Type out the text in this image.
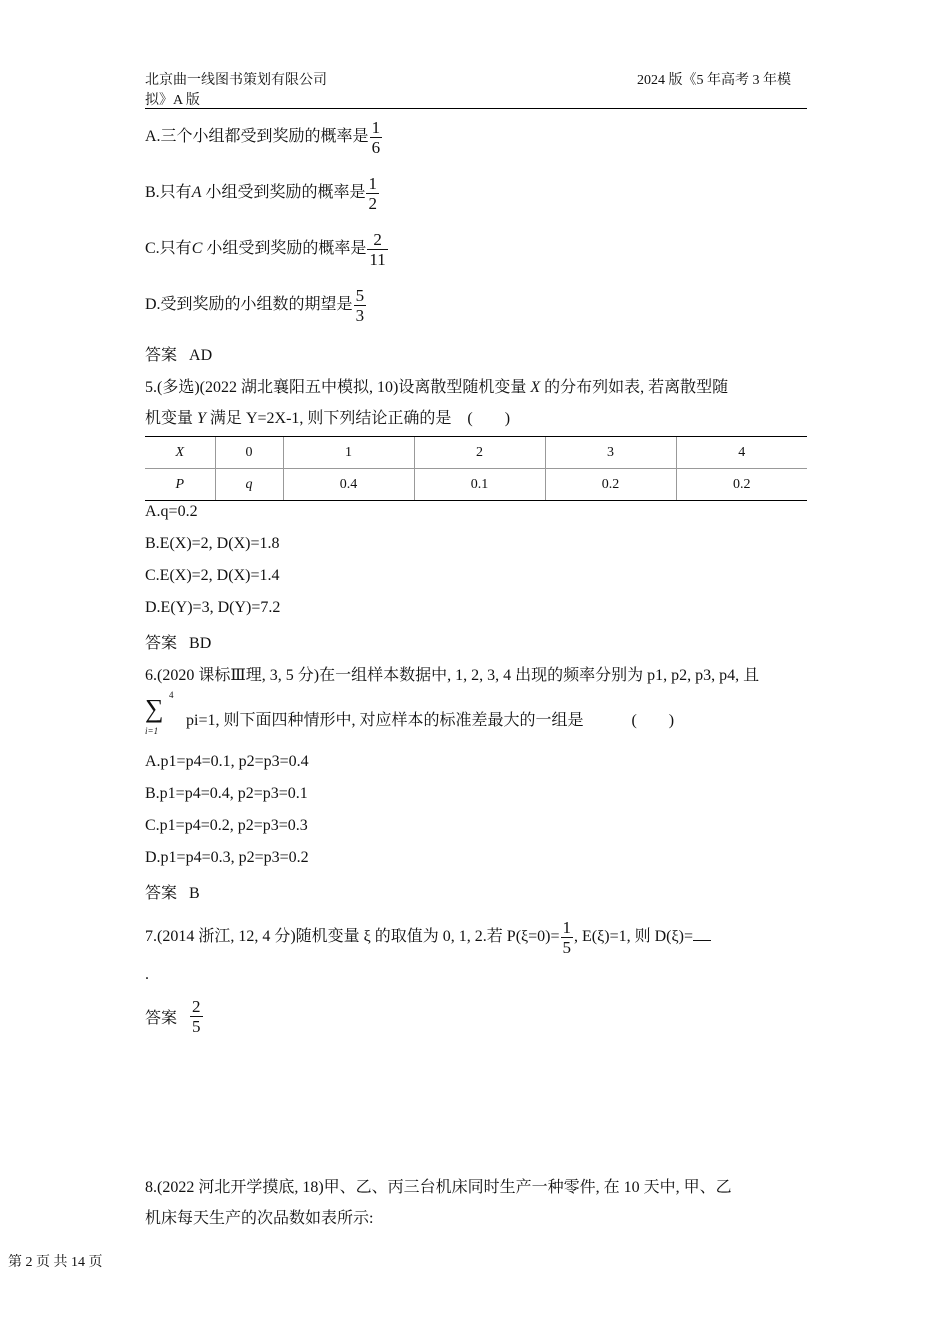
北京曲一线图书策划有限公司	2024 版《5 年高考 3 年模
拟》A 版
A.三个小组都受到奖励的概率是 $\frac{1}{6}$
B.只有A 小组受到奖励的概率是 $\frac{1}{2}$
C.只有C 小组受到奖励的概率是 $\frac{2}{11}$
D.受到奖励的小组数的期望是 $\frac{5}{3}$
答案 AD
5.(多选)(2022 湖北襄阳五中模拟, 10)设离散型随机变量 X 的分布列如表, 若离散型随
机变量 Y 满足 Y=2X-1, 则下列结论正确的是　(　　)
X	0	1	2	3	4
P	q	0.4	0.1	0.2	0.2
A.q=0.2
B.E(X)=2, D(X)=1.8
C.E(X)=2, D(X)=1.4
D.E(Y)=3, D(Y)=7.2
答案 BD
6.(2020 课标Ⅲ理, 3, 5 分)在一组样本数据中, 1, 2, 3, 4 出现的频率分别为 p1, p2, p3, p4, 且
4
∑
i=1
pi=1, 则下面四种情形中, 对应样本的标准差最大的一组是　　　(　　)
A.p1=p4=0.1, p2=p3=0.4
B.p1=p4=0.4, p2=p3=0.1
C.p1=p4=0.2, p2=p3=0.3
D.p1=p4=0.3, p2=p3=0.2
答案 B
7.(2014 浙江, 12, 4 分)随机变量 ξ 的取值为 0, 1, 2.若 $P(\xi=0)= \frac{1}{5}$ , E(ξ)=1, 则 D(ξ)=
.
答案 $\frac{2}{5}$
8.(2022 河北开学摸底, 18)甲、乙、丙三台机床同时生产一种零件, 在 10 天中, 甲、乙
机床每天生产的次品数如表所示:
第 2 页 共 14 页
